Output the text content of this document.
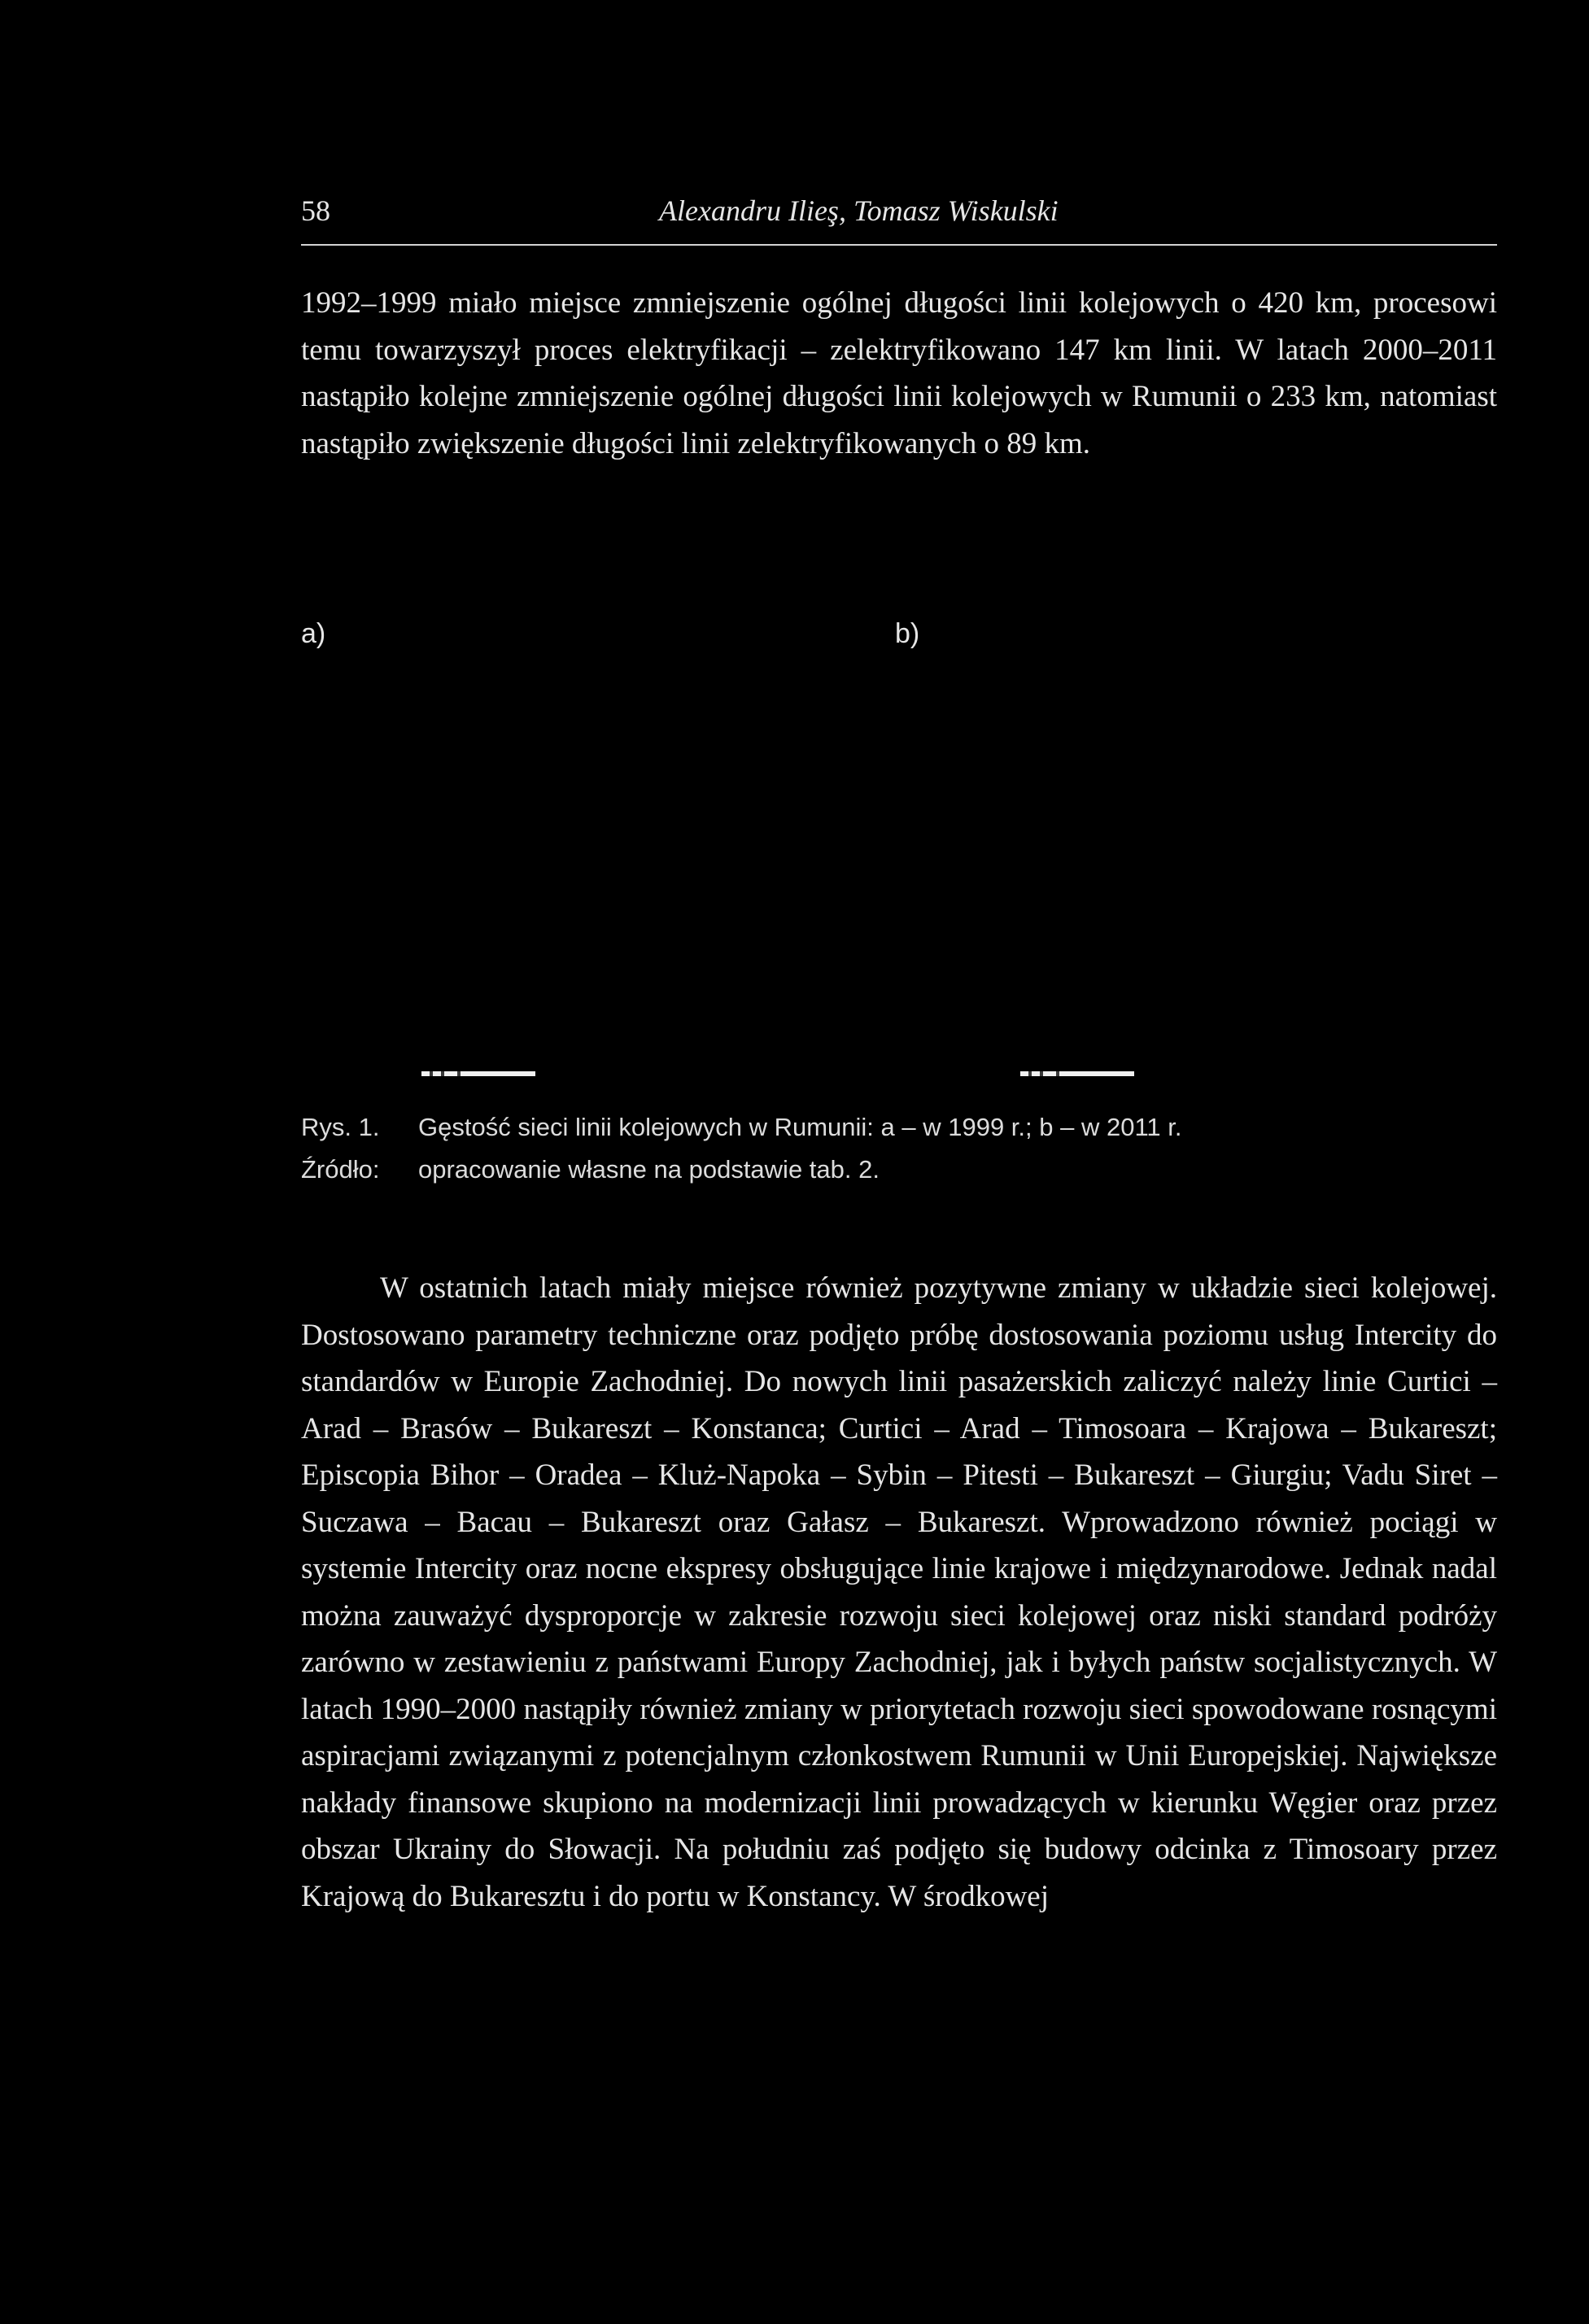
58	Alexandru Ilieş, Tomasz Wiskulski

1992–1999 miało miejsce zmniejszenie ogólnej długości linii kolejowych o 420 km, procesowi temu towarzyszył proces elektryfikacji – zelektryfikowano 147 km linii. W latach 2000–2011 nastąpiło kolejne zmniejszenie ogólnej długości linii kolejowych w Rumunii o 233 km, natomiast nastąpiło zwiększenie długości linii zelektryfikowanych o 89 km.

a)	b)

Rys. 1. Gęstość sieci linii kolejowych w Rumunii: a – w 1999 r.; b – w 2011 r.

Źródło: opracowanie własne na podstawie tab. 2.

W ostatnich latach miały miejsce również pozytywne zmiany w układzie sieci kolejowej. Dostosowano parametry techniczne oraz podjęto próbę dostosowania poziomu usług Intercity do standardów w Europie Zachodniej. Do nowych linii pasażerskich zaliczyć należy linie Curtici – Arad – Brasów – Bukareszt – Konstanca; Curtici – Arad – Timosoara – Krajowa – Bukareszt; Episcopia Bihor – Oradea – Kluż-Napoka – Sybin – Pitesti – Bukareszt – Giurgiu; Vadu Siret – Suczawa – Bacau – Bukareszt oraz Gałasz – Bukareszt. Wprowadzono również pociągi w systemie Intercity oraz nocne ekspresy obsługujące linie krajowe i międzynarodowe. Jednak nadal można zauważyć dysproporcje w zakresie rozwoju sieci kolejowej oraz niski standard podróży zarówno w zestawieniu z państwami Europy Zachodniej, jak i byłych państw socjalistycznych. W latach 1990–2000 nastąpiły również zmiany w priorytetach rozwoju sieci spowodowane rosnącymi aspiracjami związanymi z potencjalnym członkostwem Rumunii w Unii Europejskiej. Największe nakłady finansowe skupiono na modernizacji linii prowadzących w kierunku Węgier oraz przez obszar Ukrainy do Słowacji. Na południu zaś podjęto się budowy odcinka z Timosoary przez Krajową do Bukaresztu i do portu w Konstancy. W środkowej
